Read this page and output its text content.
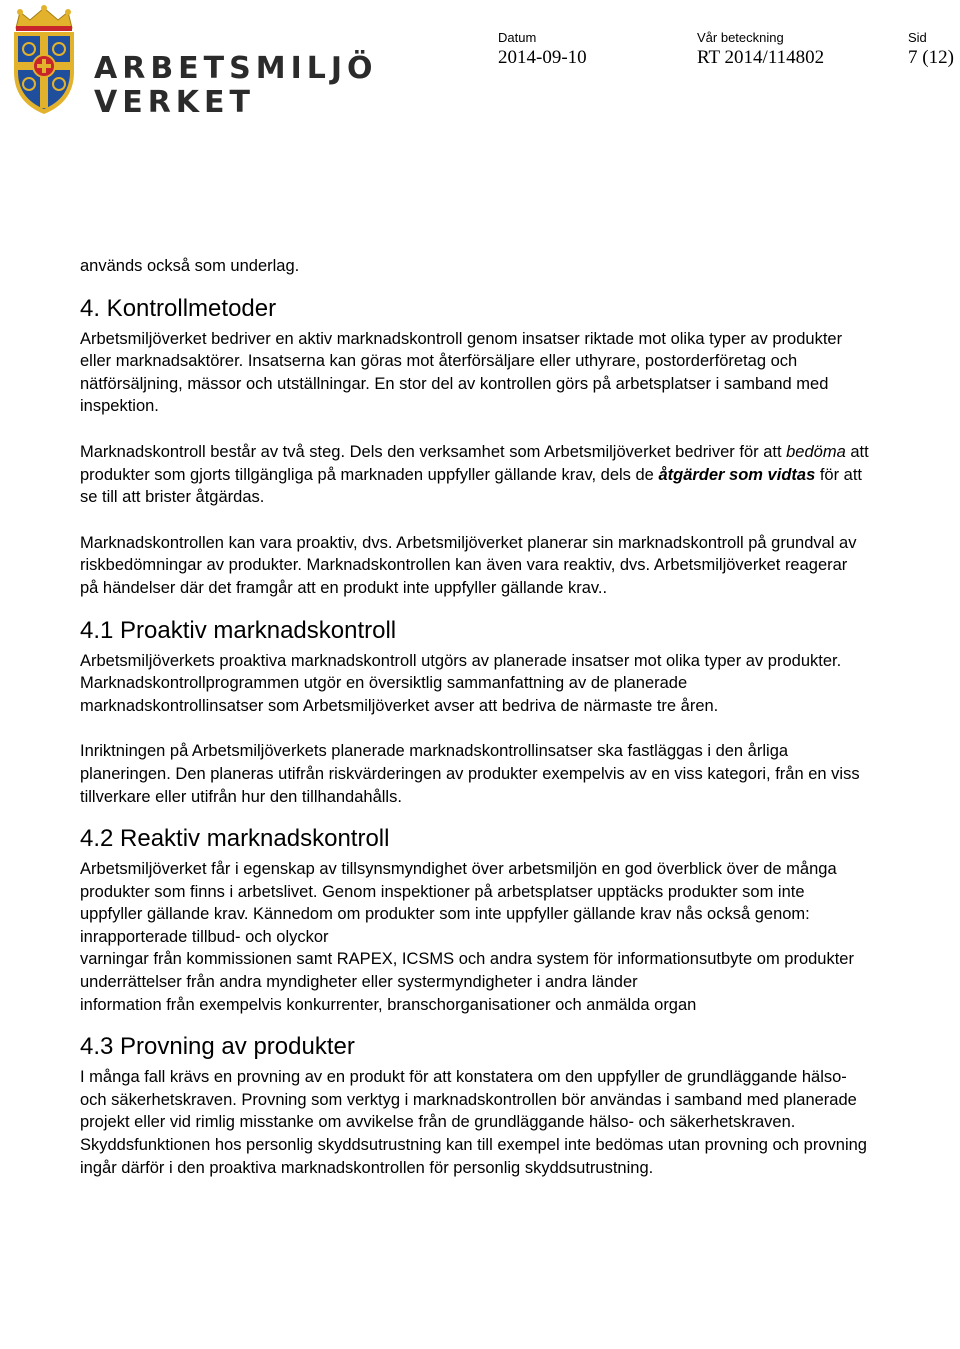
ARBETSMILJÖ
VERKET
Datum
2014-09-10
Vår beteckning
RT 2014/114802
Sid
7 (12)

används också som underlag.

4. Kontrollmetoder

Arbetsmiljöverket bedriver en aktiv marknadskontroll genom insatser riktade mot olika typer av produkter eller marknadsaktörer. Insatserna kan göras mot återförsäljare eller uthyrare, postorderföretag och nätförsäljning, mässor och utställningar. En stor del av kontrollen görs på arbetsplatser i samband med inspektion.

Marknadskontroll består av två steg. Dels den verksamhet som Arbetsmiljöverket bedriver för att bedöma att produkter som gjorts tillgängliga på marknaden uppfyller gällande krav, dels de åtgärder som vidtas för att se till att brister åtgärdas.

Marknadskontrollen kan vara proaktiv, dvs. Arbetsmiljöverket planerar sin marknadskontroll på grundval av riskbedömningar av produkter. Marknadskontrollen kan även vara reaktiv, dvs. Arbetsmiljöverket reagerar på händelser där det framgår att en produkt inte uppfyller gällande krav..

4.1 Proaktiv marknadskontroll

Arbetsmiljöverkets proaktiva marknadskontroll utgörs av planerade insatser mot olika typer av produkter. Marknadskontrollprogrammen utgör en översiktlig sammanfattning av de planerade marknadskontrollinsatser som Arbetsmiljöverket avser att bedriva de närmaste tre åren.

Inriktningen på Arbetsmiljöverkets planerade marknadskontrollinsatser ska fastläggas i den årliga planeringen. Den planeras utifrån riskvärderingen av produkter exempelvis av en viss kategori, från en viss tillverkare eller utifrån hur den tillhandahålls.

4.2 Reaktiv marknadskontroll

Arbetsmiljöverket får i egenskap av tillsynsmyndighet över arbetsmiljön en god överblick över de många produkter som finns i arbetslivet. Genom inspektioner på arbetsplatser upptäcks produkter som inte uppfyller gällande krav. Kännedom om produkter som inte uppfyller gällande krav nås också genom:

inrapporterade tillbud- och olyckor
varningar från kommissionen samt RAPEX, ICSMS och andra system för informationsutbyte om produkter
underrättelser från andra myndigheter eller systermyndigheter i andra länder
information från exempelvis konkurrenter, branschorganisationer och anmälda organ
4.3 Provning av produkter

I många fall krävs en provning av en produkt för att konstatera om den uppfyller de grundläggande hälso- och säkerhetskraven. Provning som verktyg i marknadskontrollen bör användas i samband med planerade projekt eller vid rimlig misstanke om avvikelse från de grundläggande hälso- och säkerhetskraven. Skyddsfunktionen hos personlig skyddsutrustning kan till exempel inte bedömas utan provning och provning ingår därför i den proaktiva marknadskontrollen för personlig skyddsutrustning.
